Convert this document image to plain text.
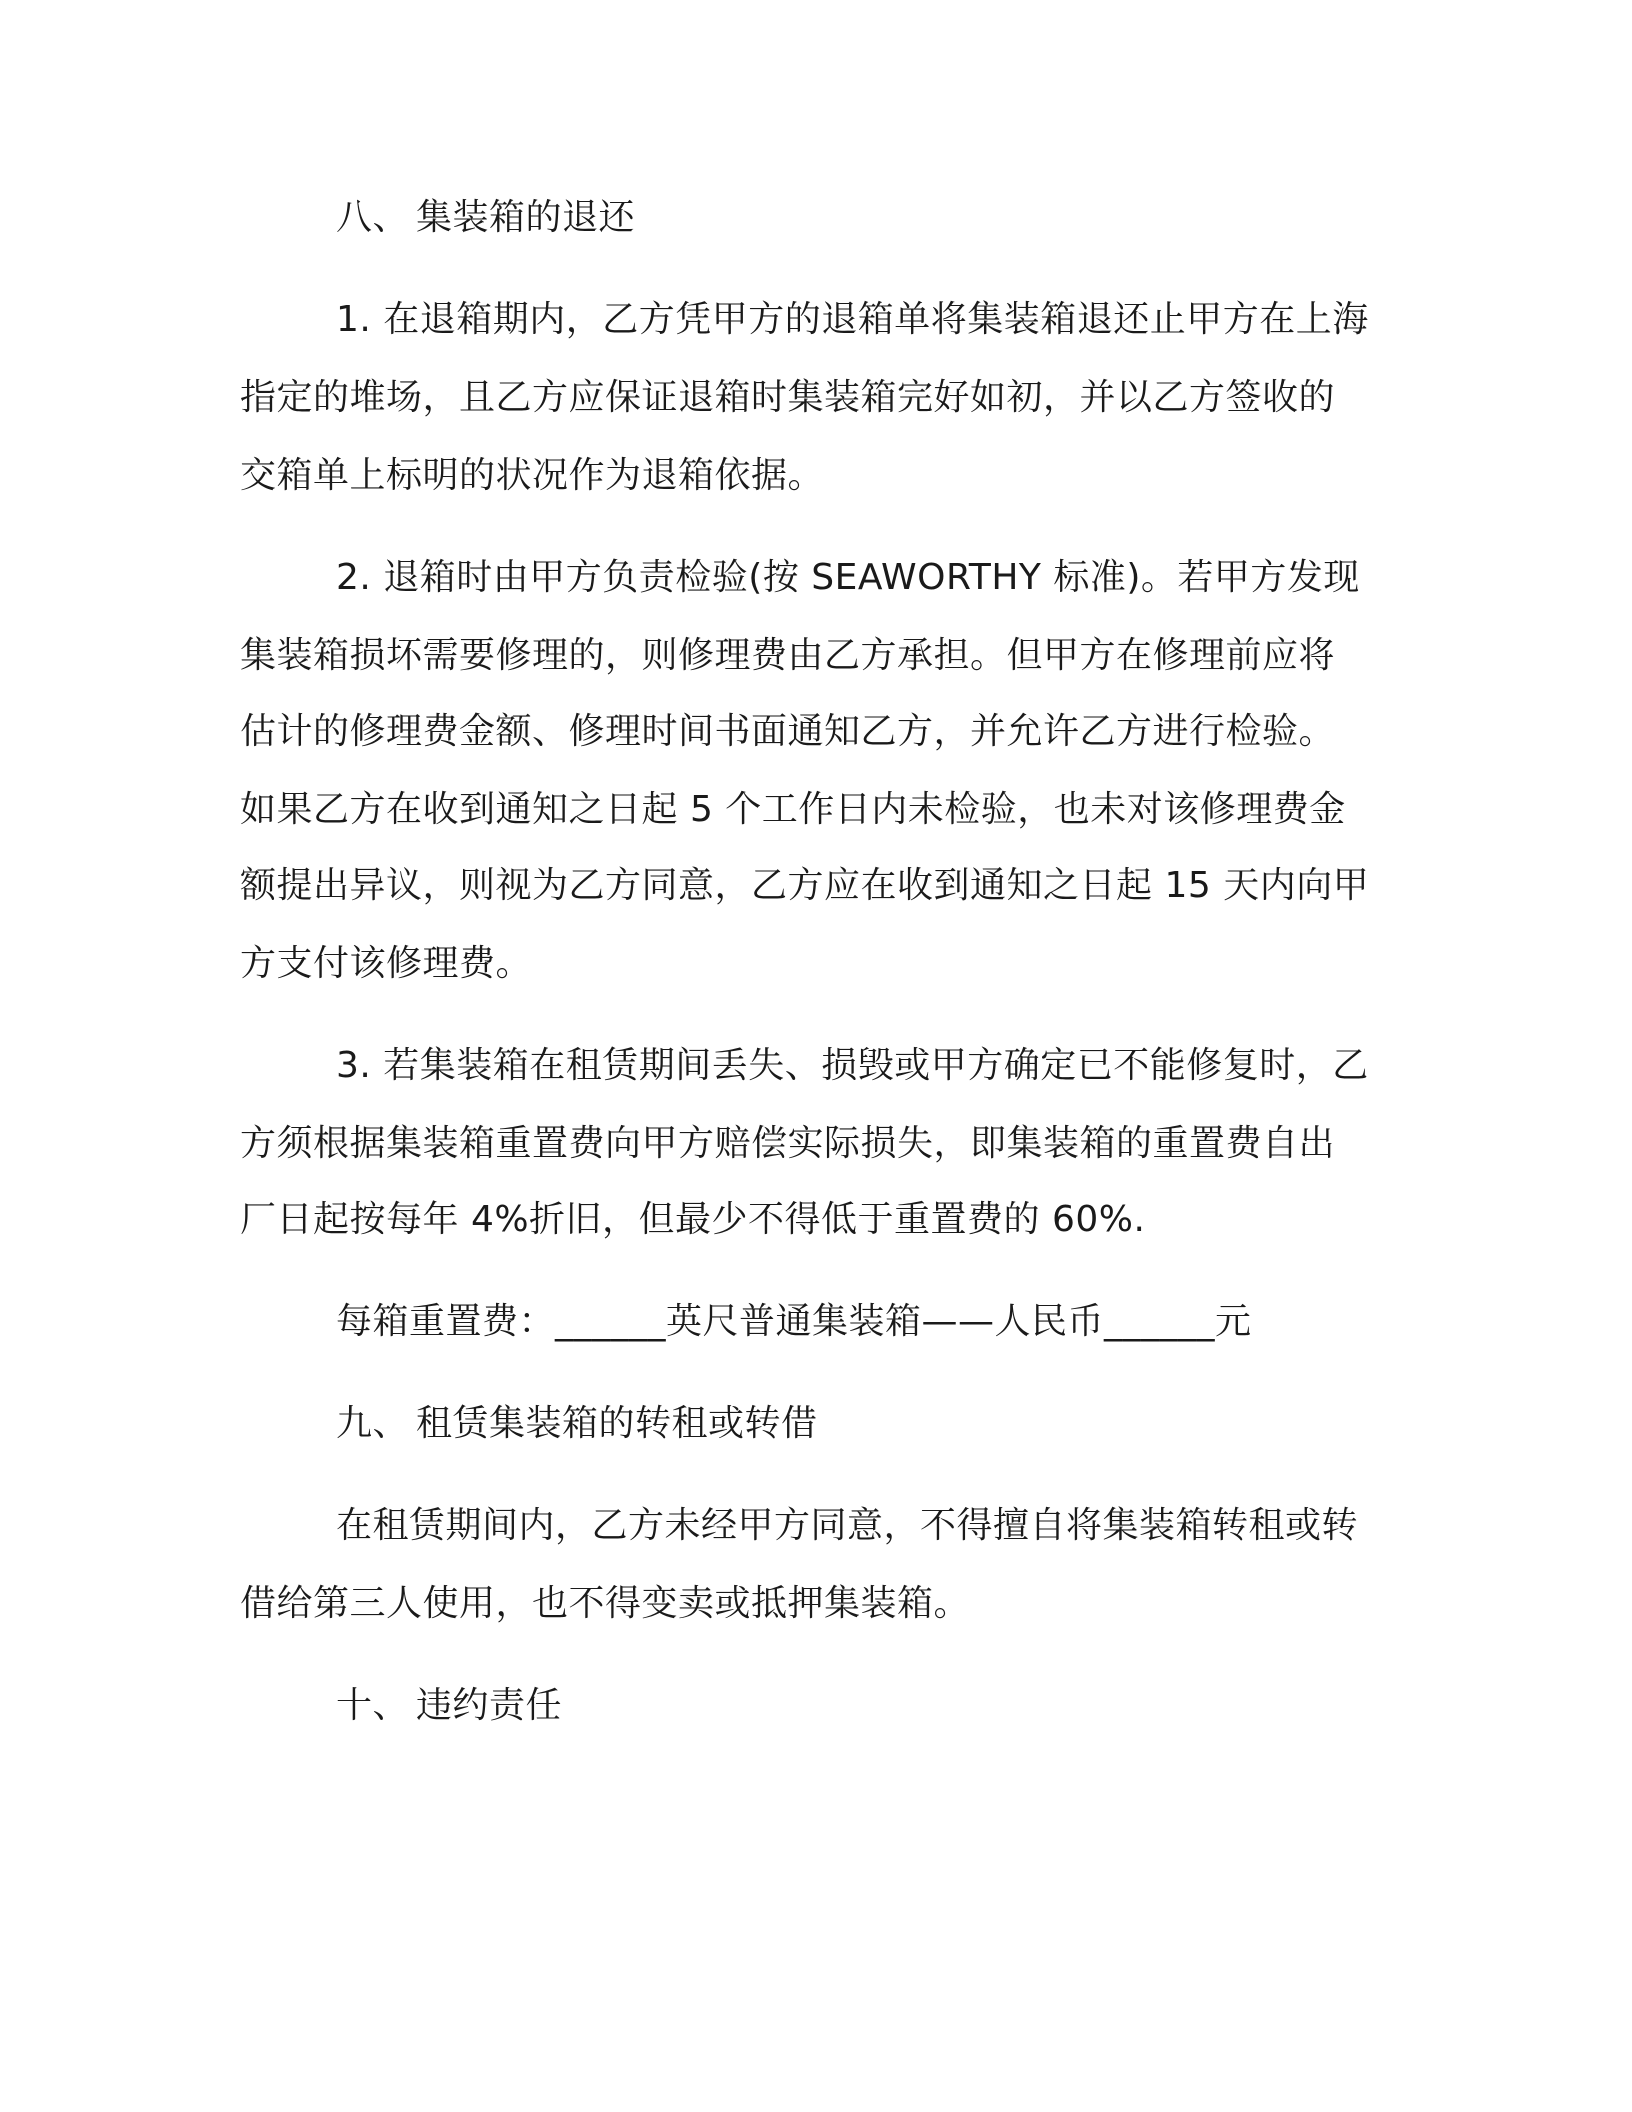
八、 集装箱的退还
1. 在退箱期内，乙方凭甲方的退箱单将集装箱退还止甲方在上海
指定的堆场，且乙方应保证退箱时集装箱完好如初，并以乙方签收的
交箱单上标明的状况作为退箱依据。
2. 退箱时由甲方负责检验(按 SEAWORTHY 标准)。若甲方发现
集装箱损坏需要修理的，则修理费由乙方承担。但甲方在修理前应将
估计的修理费金额、修理时间书面通知乙方，并允许乙方进行检验。
如果乙方在收到通知之日起 5 个工作日内未检验，也未对该修理费金
额提出异议，则视为乙方同意，乙方应在收到通知之日起 15 天内向甲
方支付该修理费。
3. 若集装箱在租赁期间丢失、损毁或甲方确定已不能修复时，乙
方须根据集装箱重置费向甲方赔偿实际损失，即集装箱的重置费自出
厂日起按每年 4%折旧，但最少不得低于重置费的 60%.
每箱重置费：______英尺普通集装箱——人民币______元
九、 租赁集装箱的转租或转借
在租赁期间内，乙方未经甲方同意，不得擅自将集装箱转租或转
借给第三人使用，也不得变卖或抵押集装箱。
十、 违约责任
